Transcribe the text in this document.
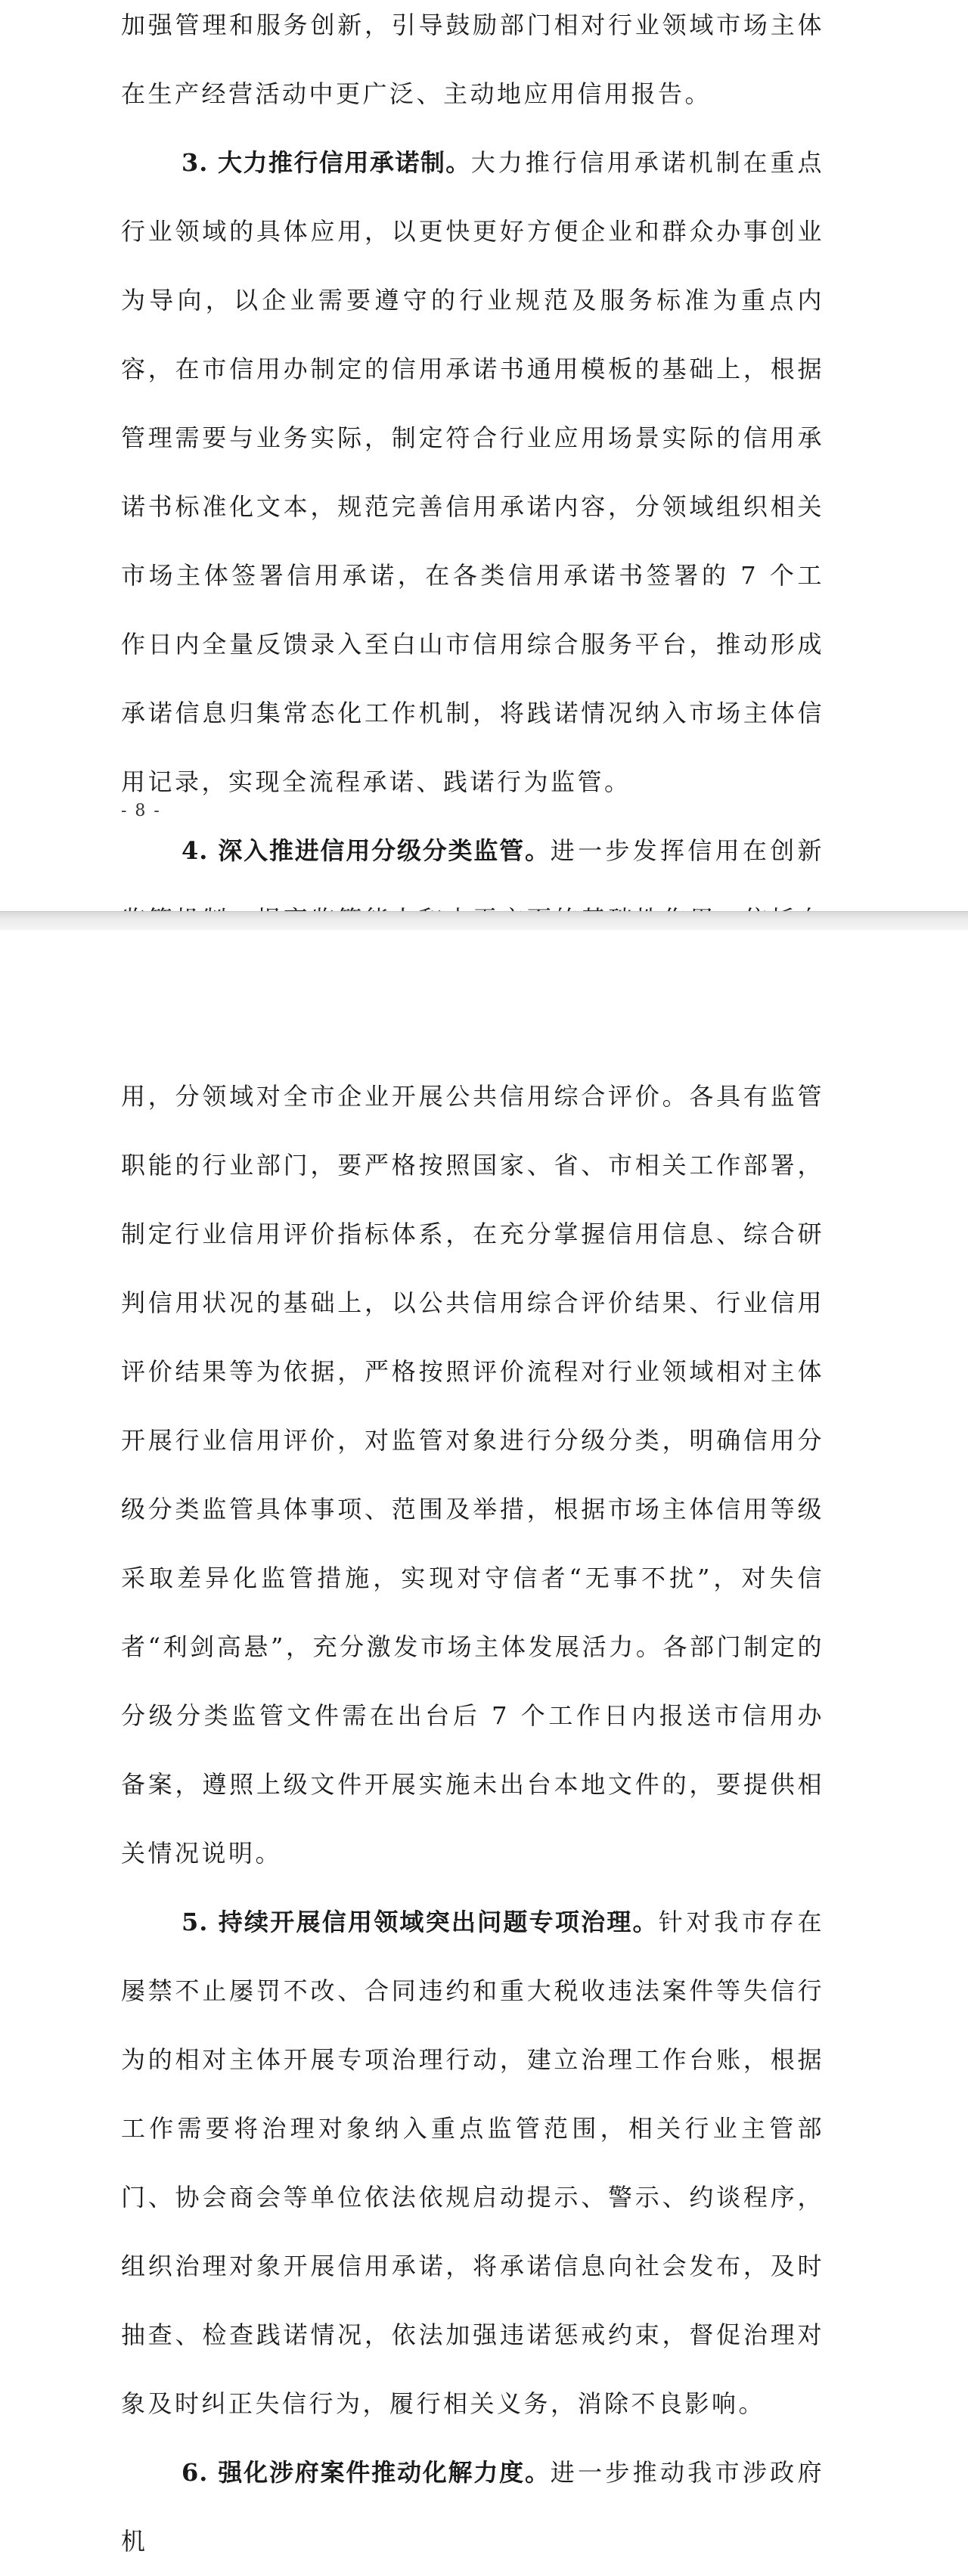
加强管理和服务创新，引导鼓励部门相对行业领域市场主体在生产经营活动中更广泛、主动地应用信用报告。

3. 大力推行信用承诺制。大力推行信用承诺机制在重点行业领域的具体应用，以更快更好方便企业和群众办事创业为导向，以企业需要遵守的行业规范及服务标准为重点内容，在市信用办制定的信用承诺书通用模板的基础上，根据管理需要与业务实际，制定符合行业应用场景实际的信用承诺书标准化文本，规范完善信用承诺内容，分领域组织相关市场主体签署信用承诺，在各类信用承诺书签署的 7 个工作日内全量反馈录入至白山市信用综合服务平台，推动形成承诺信息归集常态化工作机制，将践诺情况纳入市场主体信用记录，实现全流程承诺、践诺行为监管。

4. 深入推进信用分级分类监管。进一步发挥信用在创新

- 8 -

用，分领域对全市企业开展公共信用综合评价。各具有监管职能的行业部门，要严格按照国家、省、市相关工作部署，制定行业信用评价指标体系，在充分掌握信用信息、综合研判信用状况的基础上，以公共信用综合评价结果、行业信用评价结果等为依据，严格按照评价流程对行业领域相对主体开展行业信用评价，对监管对象进行分级分类，明确信用分级分类监管具体事项、范围及举措，根据市场主体信用等级采取差异化监管措施，实现对守信者“无事不扰”，对失信者“利剑高悬”，充分激发市场主体发展活力。各部门制定的分级分类监管文件需在出台后 7 个工作日内报送市信用办备案，遵照上级文件开展实施未出台本地文件的，要提供相关情况说明。

5. 持续开展信用领域突出问题专项治理。针对我市存在屡禁不止屡罚不改、合同违约和重大税收违法案件等失信行为的相对主体开展专项治理行动，建立治理工作台账，根据工作需要将治理对象纳入重点监管范围，相关行业主管部门、协会商会等单位依法依规启动提示、警示、约谈程序，组织治理对象开展信用承诺，将承诺信息向社会发布，及时抽查、检查践诺情况，依法加强违诺惩戒约束，督促治理对象及时纠正失信行为，履行相关义务，消除不良影响。

6. 强化涉府案件推动化解力度。进一步推动我市涉政府机
